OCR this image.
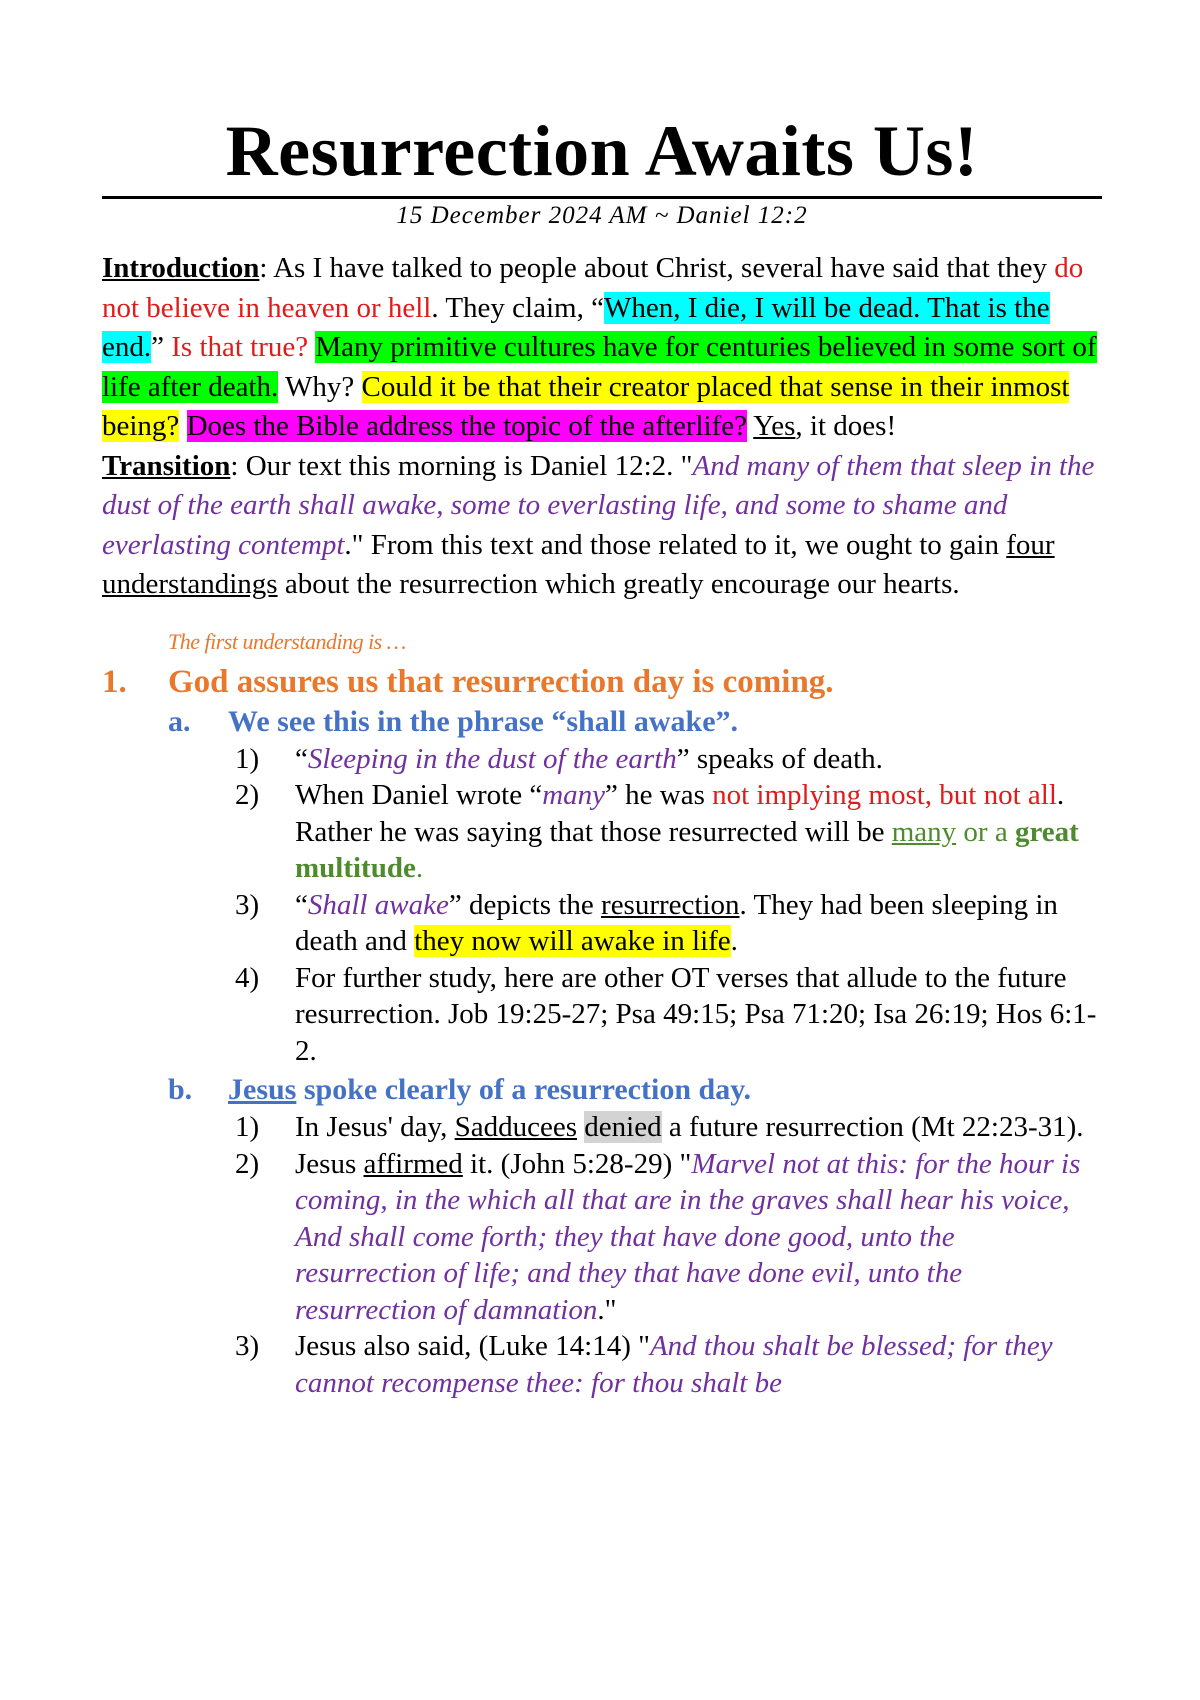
Resurrection Awaits Us!
15 December 2024 AM ~ Daniel 12:2
Introduction: As I have talked to people about Christ, several have said that they do not believe in heaven or hell. They claim, “When, I die, I will be dead. That is the end.” Is that true? Many primitive cultures have for centuries believed in some sort of life after death. Why? Could it be that their creator placed that sense in their inmost being? Does the Bible address the topic of the afterlife? Yes, it does!
Transition: Our text this morning is Daniel 12:2. "And many of them that sleep in the dust of the earth shall awake, some to everlasting life, and some to shame and everlasting contempt." From this text and those related to it, we ought to gain four understandings about the resurrection which greatly encourage our hearts.
The first understanding is …
1.	God assures us that resurrection day is coming.
a.	We see this in the phrase “shall awake”.
1)	“Sleeping in the dust of the earth” speaks of death.
2)	When Daniel wrote “many” he was not implying most, but not all. Rather he was saying that those resurrected will be many or a great multitude.
3)	“Shall awake” depicts the resurrection. They had been sleeping in death and they now will awake in life.
4)	For further study, here are other OT verses that allude to the future resurrection. Job 19:25-27; Psa 49:15; Psa 71:20; Isa 26:19; Hos 6:1-2.
b.	Jesus spoke clearly of a resurrection day.
1)	In Jesus' day, Sadducees denied a future resurrection (Mt 22:23-31).
2)	Jesus affirmed it. (John 5:28-29) "Marvel not at this: for the hour is coming, in the which all that are in the graves shall hear his voice, And shall come forth; they that have done good, unto the resurrection of life; and they that have done evil, unto the resurrection of damnation."
3)	Jesus also said, (Luke 14:14) "And thou shalt be blessed; for they cannot recompense thee: for thou shalt be
